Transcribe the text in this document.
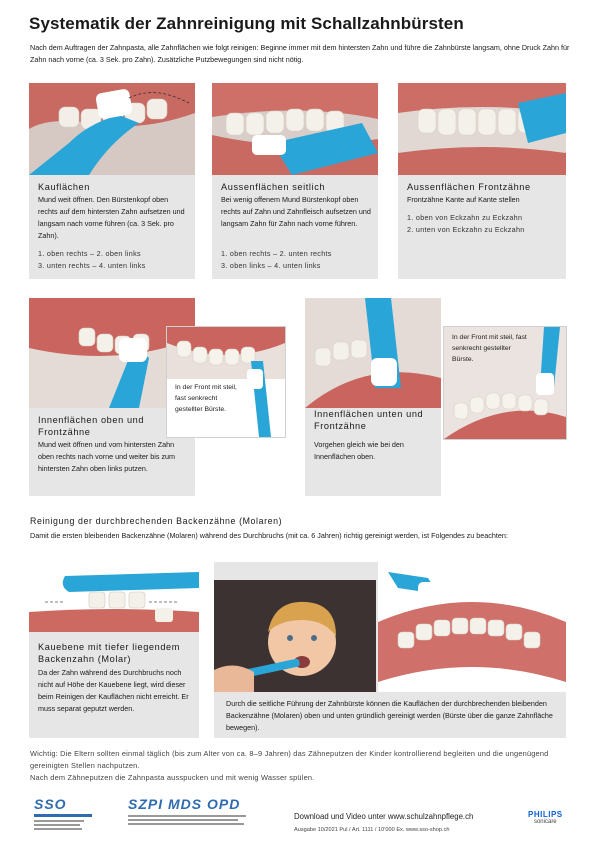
Systematik der Zahnreinigung mit Schallzahnbürsten
Nach dem Auftragen der Zahnpasta, alle Zahnflächen wie folgt reinigen: Beginne immer mit dem hintersten Zahn und führe die Zahnbürste langsam, ohne Druck Zahn für Zahn nach vorne (ca. 3 Sek. pro Zahn). Zusätzliche Putzbewegungen sind nicht nötig.
Kauflächen
Mund weit öffnen. Den Bürstenkopf oben rechts auf dem hintersten Zahn aufsetzen und langsam nach vorne führen (ca. 3 Sek. pro Zahn).
1. oben rechts – 2. oben links
3. unten rechts – 4. unten links
Aussenflächen seitlich
Bei wenig offenem Mund Bürstenkopf oben rechts auf Zahn und Zahnfleisch aufsetzen und langsam Zahn für Zahn nach vorne führen.
1. oben rechts – 2. unten rechts
3. oben links – 4. unten links
Aussenflächen Frontzähne
Frontzähne Kante auf Kante stellen
1. oben von Eckzahn zu Eckzahn
2. unten von Eckzahn zu Eckzahn
Innenflächen oben und Frontzähne
Mund weit öffnen und vom hintersten Zahn oben rechts nach vorne und weiter bis zum hintersten Zahn oben links putzen.
In der Front mit steil, fast senkrecht gestellter Bürste.	Innenflächen unten und Frontzähne
Vorgehen gleich wie bei den Innenflächen oben.
In der Front mit steil, fast senkrecht gestellter Bürste.
Reinigung der durchbrechenden Backenzähne (Molaren)
Damit die ersten bleibenden Backenzähne (Molaren) während des Durchbruchs (mit ca. 6 Jahren) richtig gereinigt werden, ist Folgendes zu beachten:
Kauebene mit tiefer liegendem Backenzahn (Molar)
Da der Zahn während des Durchbruchs noch nicht auf Höhe der Kauebene liegt, wird dieser beim Reinigen der Kauflächen nicht erreicht. Er muss separat geputzt werden.
Durch die seitliche Führung der Zahnbürste können die Kauflächen der durchbrechenden bleibenden Backenzähne (Molaren) oben und unten gründlich gereinigt werden (Bürste über die ganze Zahnfläche bewegen).
Wichtig: Die Eltern sollten einmal täglich (bis zum Alter von ca. 8–9 Jahren) das Zähneputzen der Kinder kontrollierend begleiten und die ungenügend gereinigten Stellen nachputzen.
Nach dem Zähneputzen die Zahnpasta ausspucken und mit wenig Wasser spülen.
SSO	SZPI MDS OPD
Download und Video unter www.schulzahnpflege.ch
Ausgabe 10/2021 Pul / Art. 1111 / 10’000 Ex. www.sso-shop.ch
PHILIPS
sonicare
